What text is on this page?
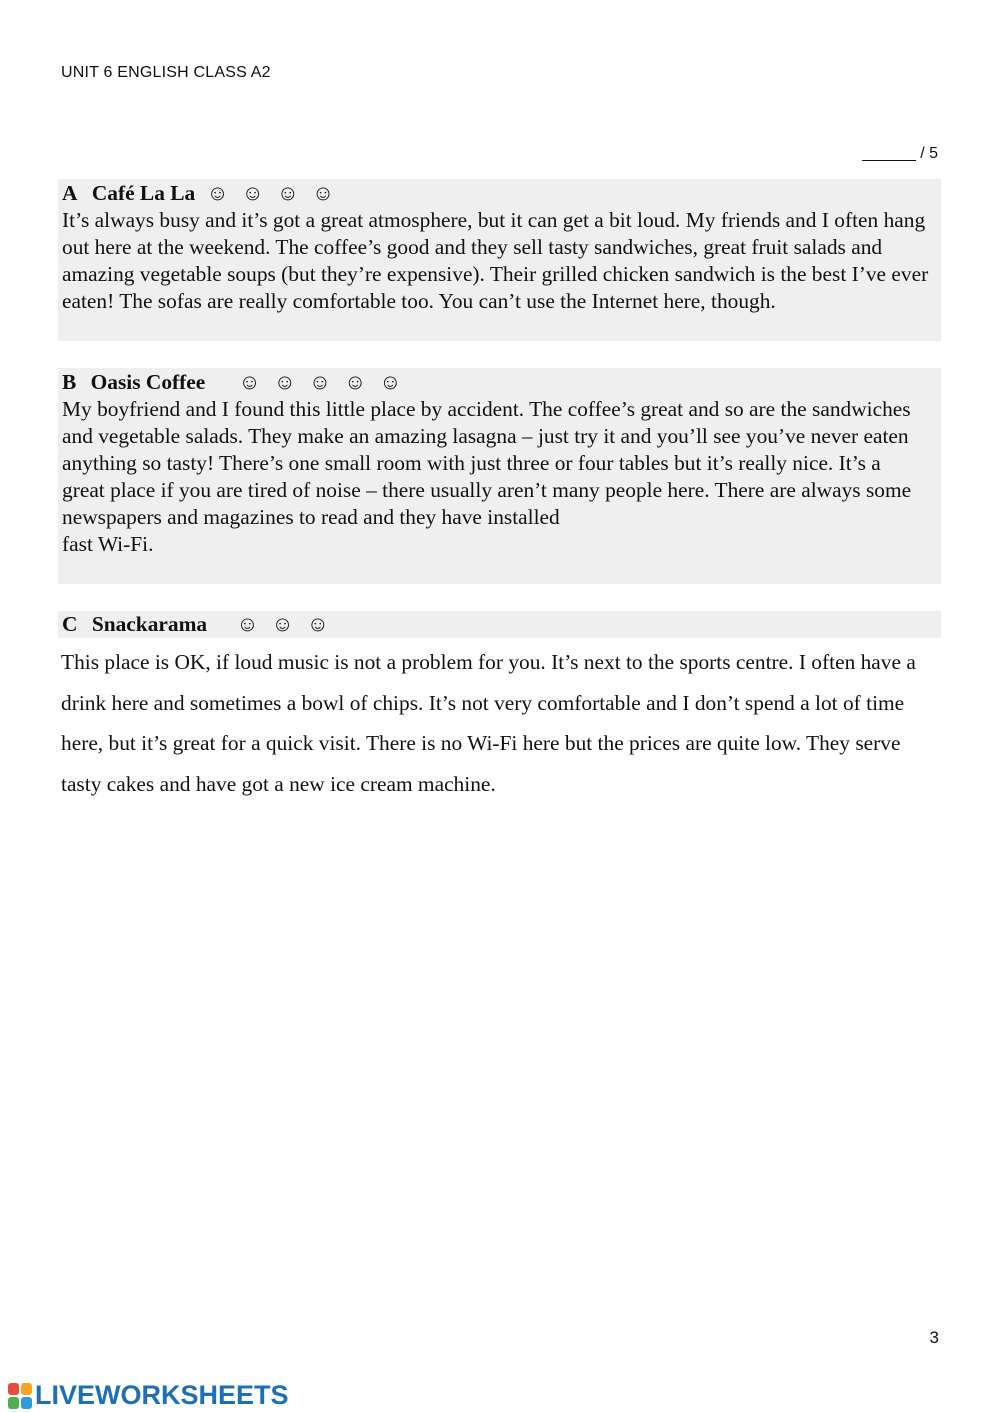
UNIT 6 ENGLISH CLASS A2
______ / 5
A Café La La ☺ ☺ ☺ ☺
It’s always busy and it’s got a great atmosphere, but it can get a bit loud. My friends and I often hang out here at the weekend. The coffee’s good and they sell tasty sandwiches, great fruit salads and amazing vegetable soups (but they’re expensive). Their grilled chicken sandwich is the best I’ve ever eaten! The sofas are really comfortable too. You can’t use the Internet here, though.
B Oasis Coffee ☺ ☺ ☺ ☺ ☺
My boyfriend and I found this little place by accident. The coffee’s great and so are the sandwiches and vegetable salads. They make an amazing lasagna – just try it and you’ll see you’ve never eaten anything so tasty! There’s one small room with just three or four tables but it’s really nice. It’s a great place if you are tired of noise – there usually aren’t many people here. There are always some newspapers and magazines to read and they have installed
fast Wi-Fi.
C Snackarama ☺ ☺ ☺
This place is OK, if loud music is not a problem for you. It’s next to the sports centre. I often have a drink here and sometimes a bowl of chips. It’s not very comfortable and I don’t spend a lot of time here, but it’s great for a quick visit. There is no Wi-Fi here but the prices are quite low. They serve tasty cakes and have got a new ice cream machine.
3
LIVEWORKSHEETS
